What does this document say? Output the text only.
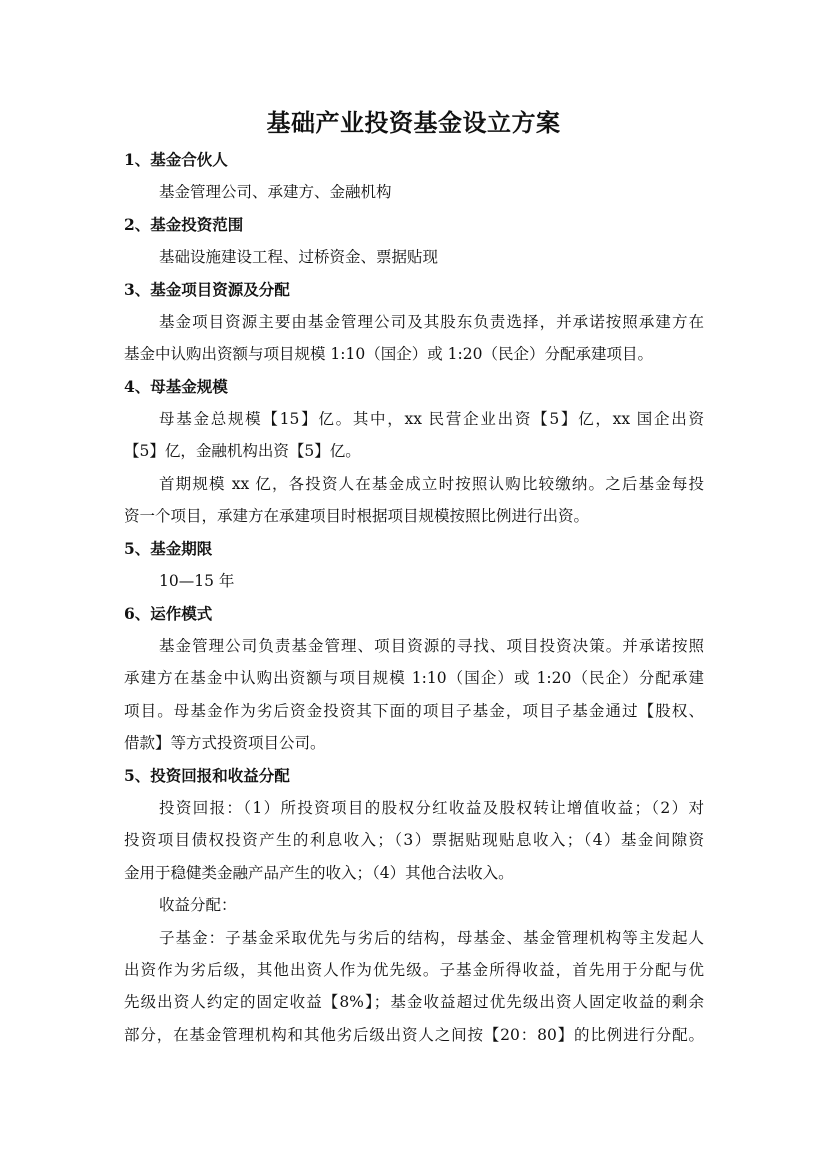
基础产业投资基金设立方案
1、基金合伙人
基金管理公司、承建方、金融机构
2、基金投资范围
基础设施建设工程、过桥资金、票据贴现
3、基金项目资源及分配
基金项目资源主要由基金管理公司及其股东负责选择，并承诺按照承建方在
基金中认购出资额与项目规模 1:10（国企）或 1:20（民企）分配承建项目。
4、母基金规模
母基金总规模【15】亿。其中，xx 民营企业出资【5】亿，xx 国企出资
【5】亿，金融机构出资【5】亿。
首期规模 xx 亿，各投资人在基金成立时按照认购比较缴纳。之后基金每投
资一个项目，承建方在承建项目时根据项目规模按照比例进行出资。
5、基金期限
10—15 年
6、运作模式
基金管理公司负责基金管理、项目资源的寻找、项目投资决策。并承诺按照
承建方在基金中认购出资额与项目规模 1:10（国企）或 1:20（民企）分配承建
项目。母基金作为劣后资金投资其下面的项目子基金，项目子基金通过【股权、
借款】等方式投资项目公司。
5、投资回报和收益分配
投资回报：（1）所投资项目的股权分红收益及股权转让增值收益；（2）对
投资项目债权投资产生的利息收入；（3）票据贴现贴息收入；（4）基金间隙资
金用于稳健类金融产品产生的收入；（4）其他合法收入。
收益分配：
子基金：子基金采取优先与劣后的结构，母基金、基金管理机构等主发起人
出资作为劣后级，其他出资人作为优先级。子基金所得收益，首先用于分配与优
先级出资人约定的固定收益【8%】；基金收益超过优先级出资人固定收益的剩余
部分，在基金管理机构和其他劣后级出资人之间按【20：80】的比例进行分配。
